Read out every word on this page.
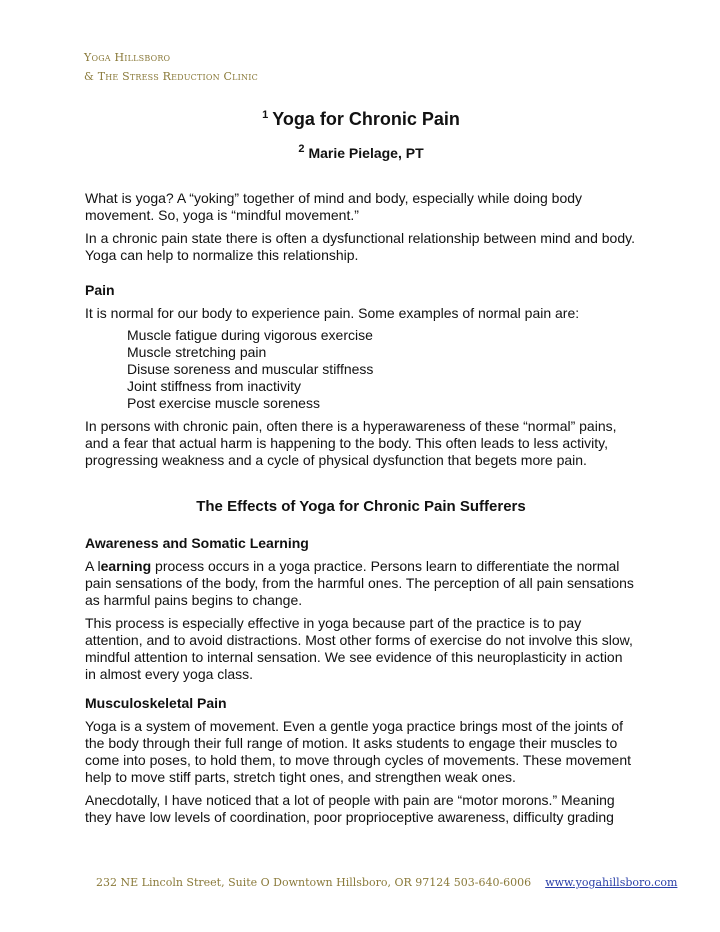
Yoga Hillsboro
& The Stress Reduction Clinic
$^1$ Yoga for Chronic Pain
$^2$ Marie Pielage, PT

What is yoga? A “yoking” together of mind and body, especially while doing body movement. So, yoga is “mindful movement.”

In a chronic pain state there is often a dysfunctional relationship between mind and body. Yoga can help to normalize this relationship.

Pain

It is normal for our body to experience pain. Some examples of normal pain are:

Muscle fatigue during vigorous exercise
Muscle stretching pain
Disuse soreness and muscular stiffness
Joint stiffness from inactivity
Post exercise muscle soreness

In persons with chronic pain, often there is a hyperawareness of these “normal” pains, and a fear that actual harm is happening to the body. This often leads to less activity, progressing weakness and a cycle of physical dysfunction that begets more pain.

The Effects of Yoga for Chronic Pain Sufferers
Awareness and Somatic Learning

A learning process occurs in a yoga practice. Persons learn to differentiate the normal pain sensations of the body, from the harmful ones. The perception of all pain sensations as harmful pains begins to change.

This process is especially effective in yoga because part of the practice is to pay attention, and to avoid distractions. Most other forms of exercise do not involve this slow, mindful attention to internal sensation. We see evidence of this neuroplasticity in action in almost every yoga class.

Musculoskeletal Pain

Yoga is a system of movement. Even a gentle yoga practice brings most of the joints of the body through their full range of motion. It asks students to engage their muscles to come into poses, to hold them, to move through cycles of movements. These movement help to move stiff parts, stretch tight ones, and strengthen weak ones.

Anecdotally, I have noticed that a lot of people with pain are “motor morons.” Meaning they have low levels of coordination, poor proprioceptive awareness, difficulty grading

232 NE Lincoln Street, Suite O Downtown Hillsboro, OR 97124 503-640-6006 www.yogahillsboro.com
